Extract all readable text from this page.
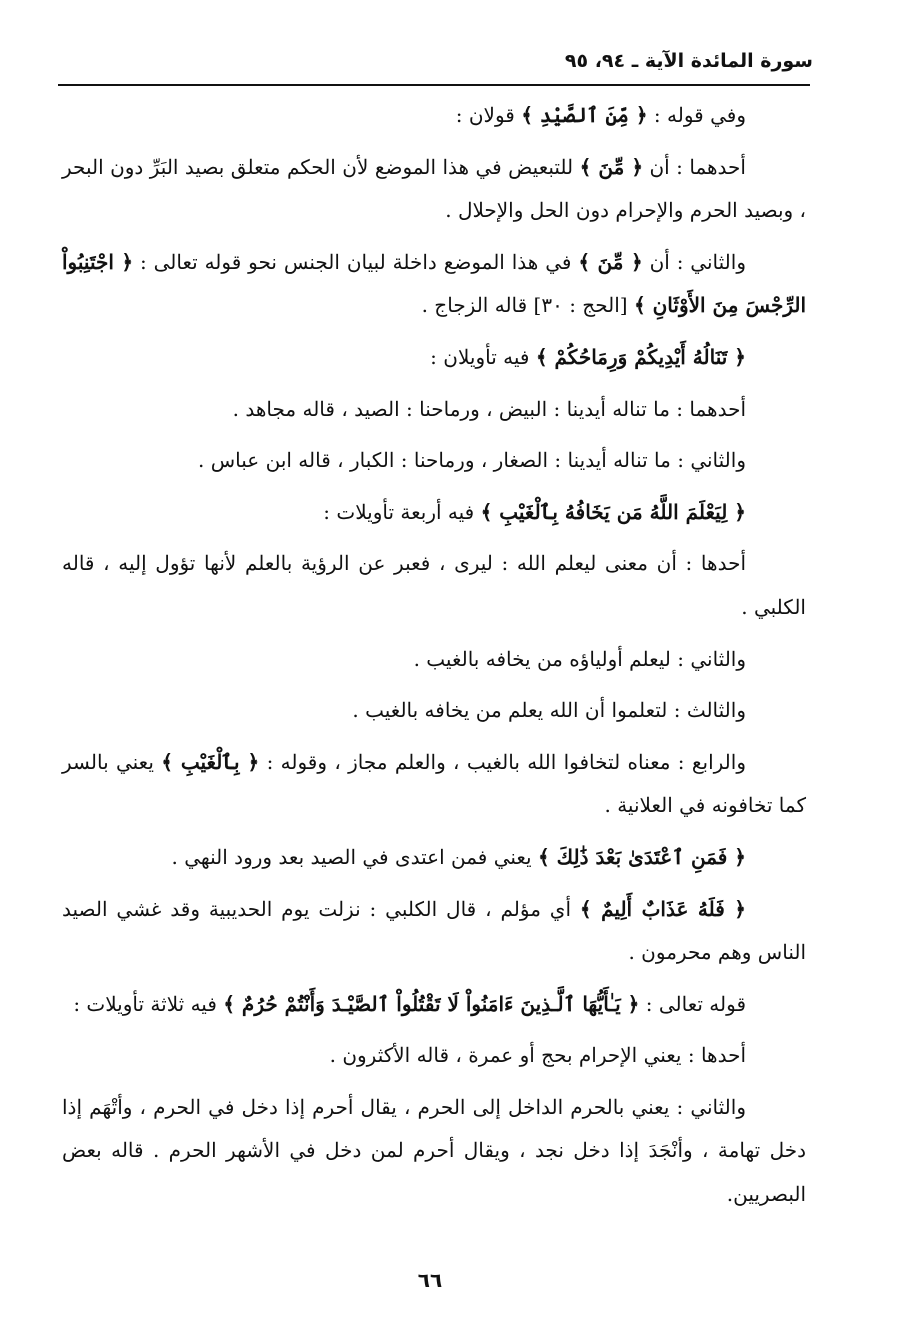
سورة المائدة الآية ـ ٩٤، ٩٥

وفي قوله : ﴿ مِّنَ ٱلصَّيْدِ ﴾ قولان :

أحدهما : أن ﴿ مِّنَ ﴾ للتبعيض في هذا الموضع لأن الحكم متعلق بصيد البَرِّ دون البحر ، وبصيد الحرم والإحرام دون الحل والإحلال .

والثاني : أن ﴿ مِّنَ ﴾ في هذا الموضع داخلة لبيان الجنس نحو قوله تعالى : ﴿ اجْتَنِبُواْ الرِّجْسَ مِنَ الأَوْثَانِ ﴾ [الحج : ٣٠] قاله الزجاج .

﴿ تَنَالُهُ أَيْدِيكُمْ وَرِمَاحُكُمْ ﴾ فيه تأويلان :

أحدهما : ما تناله أيدينا : البيض ، ورماحنا : الصيد ، قاله مجاهد .

والثاني : ما تناله أيدينا : الصغار ، ورماحنا : الكبار ، قاله ابن عباس .

﴿ لِيَعْلَمَ اللَّهُ مَن يَخَافُهُ بِٱلْغَيْبِ ﴾ فيه أربعة تأويلات :

أحدها : أن معنى ليعلم الله : ليرى ، فعبر عن الرؤية بالعلم لأنها تؤول إليه ، قاله الكلبي .

والثاني : ليعلم أولياؤه من يخافه بالغيب .

والثالث : لتعلموا أن الله يعلم من يخافه بالغيب .

والرابع : معناه لتخافوا الله بالغيب ، والعلم مجاز ، وقوله : ﴿ بِٱلْغَيْبِ ﴾ يعني بالسر كما تخافونه في العلانية .

﴿ فَمَنِ ٱعْتَدَىٰ بَعْدَ ذَٰلِكَ ﴾ يعني فمن اعتدى في الصيد بعد ورود النهي .

﴿ فَلَهُ عَذَابٌ أَلِيمٌ ﴾ أي مؤلم ، قال الكلبي : نزلت يوم الحديبية وقد غشي الصيد الناس وهم محرمون .

قوله تعالى : ﴿ يَـٰأَيُّهَا ٱلَّـذِينَ ءَامَنُواْ لَا تَقْتُلُواْ ٱلصَّيْـدَ وَأَنْتُمْ حُرُمٌ ﴾ فيه ثلاثة تأويلات :

أحدها : يعني الإحرام بحج أو عمرة ، قاله الأكثرون .

والثاني : يعني بالحرم الداخل إلى الحرم ، يقال أحرم إذا دخل في الحرم ، وأتْهَم إذا دخل تهامة ، وأنْجَدَ إذا دخل نجد ، ويقال أحرم لمن دخل في الأشهر الحرم . قاله بعض البصريين.

٦٦
